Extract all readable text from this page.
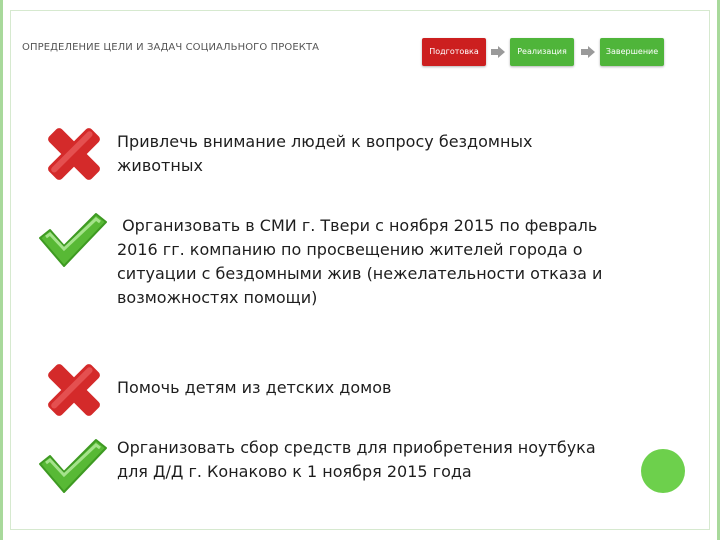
ОПРЕДЕЛЕНИЕ ЦЕЛИ И ЗАДАЧ СОЦИАЛЬНОГО ПРОЕКТА	Подготовка	Реализация	Завершение
Привлечь внимание людей к вопросу бездомных
животных
Организовать в СМИ г. Твери с ноября 2015 по февраль
2016 гг. компанию по просвещению жителей города о
ситуации с бездомными жив (нежелательности отказа и
возможностях помощи)
Помочь детям из детских домов
Организовать сбор средств для приобретения ноутбука
для Д/Д г. Конаково к 1 ноября 2015 года
